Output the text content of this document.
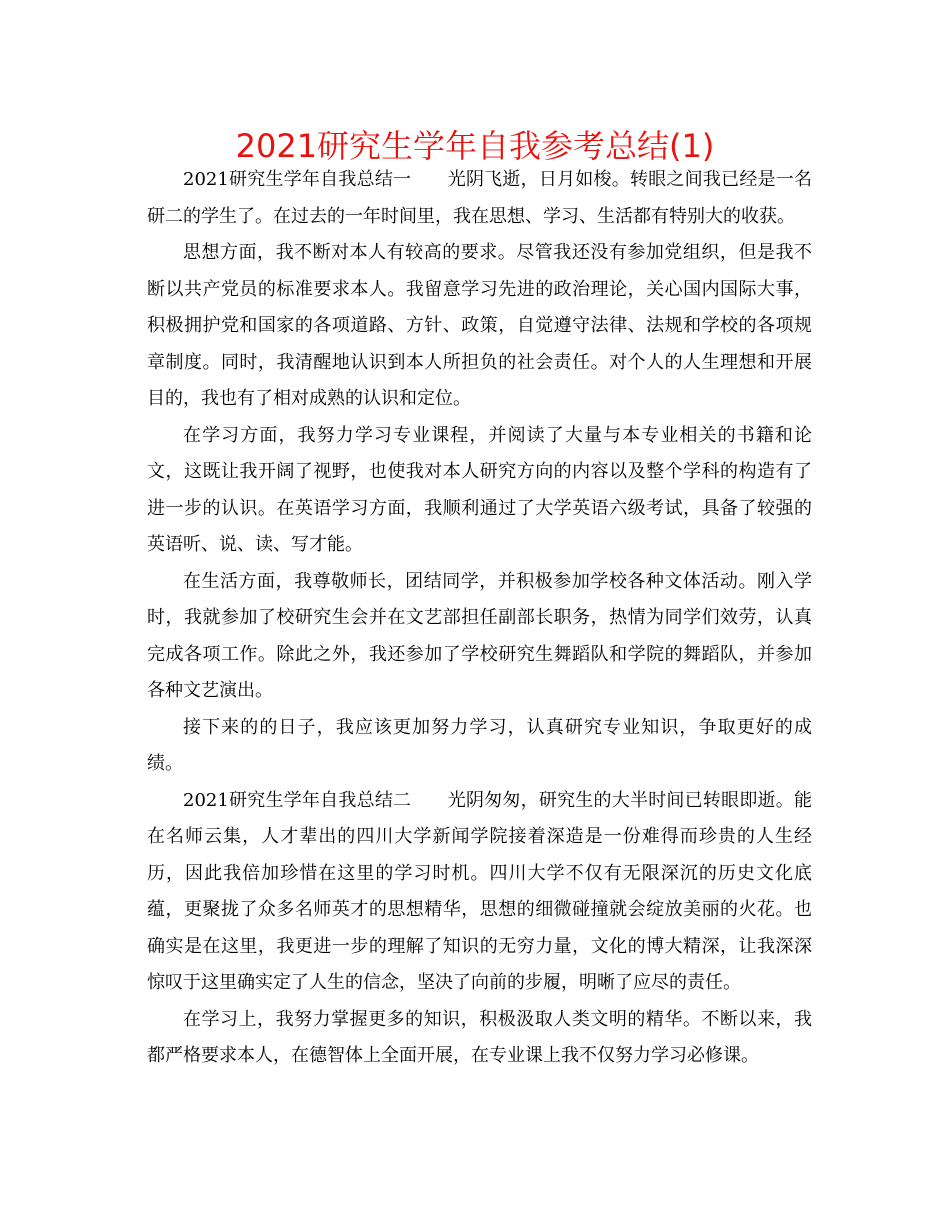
2021研究生学年自我参考总结(1)

2021研究生学年自我总结一　　光阴飞逝，日月如梭。转眼之间我已经是一名研二的学生了。在过去的一年时间里，我在思想、学习、生活都有特别大的收获。

思想方面，我不断对本人有较高的要求。尽管我还没有参加党组织，但是我不断以共产党员的标准要求本人。我留意学习先进的政治理论，关心国内国际大事，积极拥护党和国家的各项道路、方针、政策，自觉遵守法律、法规和学校的各项规章制度。同时，我清醒地认识到本人所担负的社会责任。对个人的人生理想和开展目的，我也有了相对成熟的认识和定位。

在学习方面，我努力学习专业课程，并阅读了大量与本专业相关的书籍和论文，这既让我开阔了视野，也使我对本人研究方向的内容以及整个学科的构造有了进一步的认识。在英语学习方面，我顺利通过了大学英语六级考试，具备了较强的英语听、说、读、写才能。

在生活方面，我尊敬师长，团结同学，并积极参加学校各种文体活动。刚入学时，我就参加了校研究生会并在文艺部担任副部长职务，热情为同学们效劳，认真完成各项工作。除此之外，我还参加了学校研究生舞蹈队和学院的舞蹈队，并参加各种文艺演出。

接下来的的日子，我应该更加努力学习，认真研究专业知识，争取更好的成绩。

2021研究生学年自我总结二　　光阴匆匆，研究生的大半时间已转眼即逝。能在名师云集，人才辈出的四川大学新闻学院接着深造是一份难得而珍贵的人生经历，因此我倍加珍惜在这里的学习时机。四川大学不仅有无限深沉的历史文化底蕴，更聚拢了众多名师英才的思想精华，思想的细微碰撞就会绽放美丽的火花。也确实是在这里，我更进一步的理解了知识的无穷力量，文化的博大精深，让我深深惊叹于这里确实定了人生的信念，坚决了向前的步履，明晰了应尽的责任。

在学习上，我努力掌握更多的知识，积极汲取人类文明的精华。不断以来，我都严格要求本人，在德智体上全面开展，在专业课上我不仅努力学习必修课。
